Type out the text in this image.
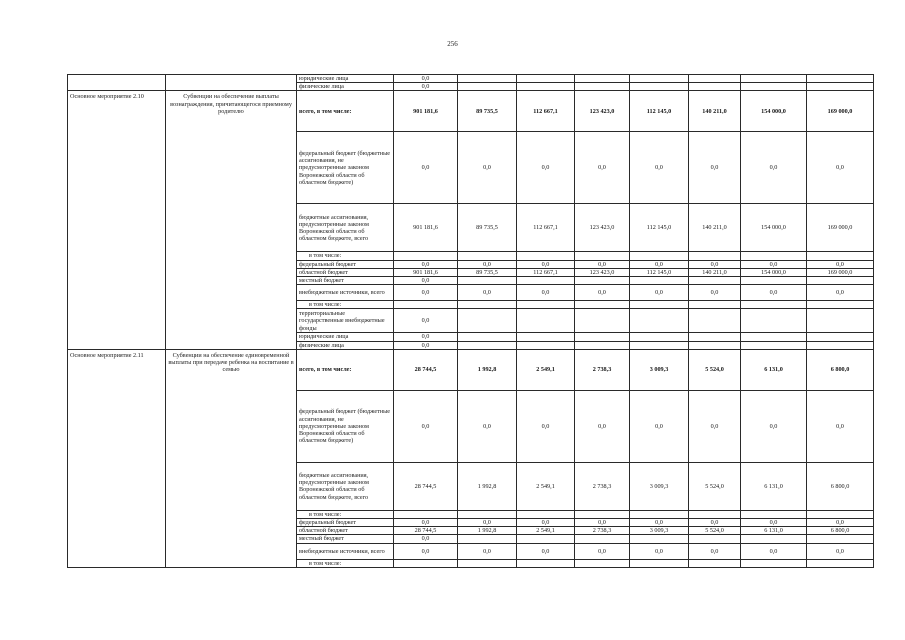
256
		юридические лица	0,0							
		физические лица	0,0							
Основное мероприятие 2.10	Субвенции на обеспечение выплаты вознаграждения, причитающегося приемному родителю	всего, в том числе:	901 181,6	89 735,5	112 667,1	123 423,0	112 145,0	140 211,0	154 000,0	169 000,0
		федеральный бюджет (бюджетные ассигнования, не предусмотренные законом Воронежской области об областном бюджете)	0,0	0,0	0,0	0,0	0,0	0,0	0,0	0,0
		бюджетные ассигнования, предусмотренные законом Воронежской области об областном бюджете, всего	901 181,6	89 735,5	112 667,1	123 423,0	112 145,0	140 211,0	154 000,0	169 000,0
		в том числе:								
		федеральный бюджет	0,0	0,0	0,0	0,0	0,0	0,0	0,0	0,0
		областной бюджет	901 181,6	89 735,5	112 667,1	123 423,0	112 145,0	140 211,0	154 000,0	169 000,0
		местный бюджет	0,0							
		внебюджетные источники, всего	0,0	0,0	0,0	0,0	0,0	0,0	0,0	0,0
		в том числе:								
		территориальные государственные внебюджетные фонды	0,0							
		юридические лица	0,0							
		физические лица	0,0							
Основное мероприятие 2.11	Субвенции на обеспечение единовременной выплаты при передаче ребенка на воспитание в семью	всего, в том числе:	28 744,5	1 992,8	2 549,1	2 738,3	3 009,3	5 524,0	6 131,0	6 800,0
		федеральный бюджет (бюджетные ассигнования, не предусмотренные законом Воронежской области об областном бюджете)	0,0	0,0	0,0	0,0	0,0	0,0	0,0	0,0
		бюджетные ассигнования, предусмотренные законом Воронежской области об областном бюджете, всего	28 744,5	1 992,8	2 549,1	2 738,3	3 009,3	5 524,0	6 131,0	6 800,0
		в том числе:								
		федеральный бюджет	0,0	0,0	0,0	0,0	0,0	0,0	0,0	0,0
		областной бюджет	28 744,5	1 992,8	2 549,1	2 738,3	3 009,3	5 524,0	6 131,0	6 800,0
		местный бюджет	0,0							
		внебюджетные источники, всего	0,0	0,0	0,0	0,0	0,0	0,0	0,0	0,0
		в том числе:								
